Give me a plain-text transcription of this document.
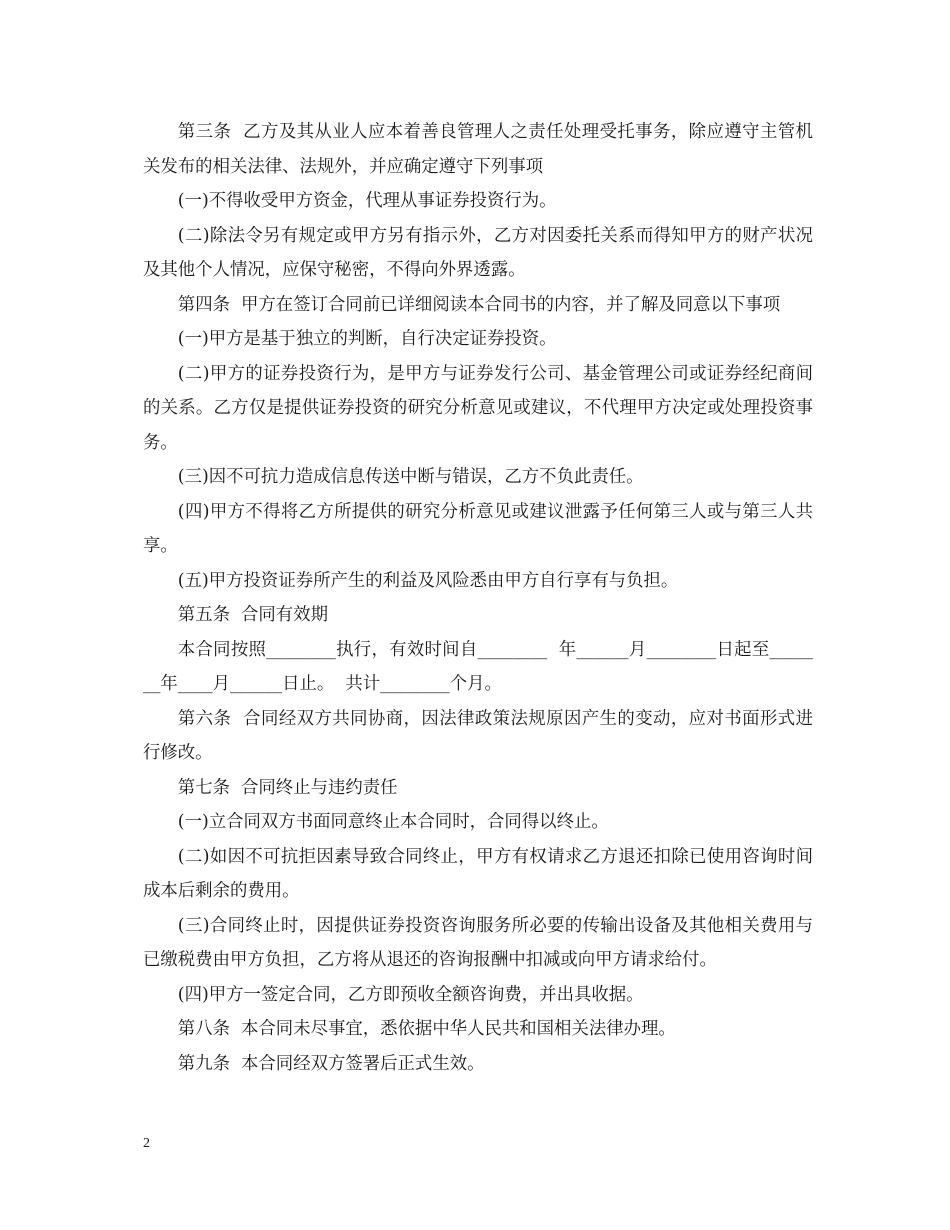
第三条  乙方及其从业人应本着善良管理人之责任处理受托事务，除应遵守主管机关发布的相关法律、法规外，并应确定遵守下列事项

(一)不得收受甲方资金，代理从事证券投资行为。

(二)除法令另有规定或甲方另有指示外，乙方对因委托关系而得知甲方的财产状况及其他个人情况，应保守秘密，不得向外界透露。

第四条  甲方在签订合同前已详细阅读本合同书的内容，并了解及同意以下事项

(一)甲方是基于独立的判断，自行决定证券投资。

(二)甲方的证券投资行为，是甲方与证券发行公司、基金管理公司或证券经纪商间的关系。乙方仅是提供证券投资的研究分析意见或建议，不代理甲方决定或处理投资事务。

(三)因不可抗力造成信息传送中断与错误，乙方不负此责任。

(四)甲方不得将乙方所提供的研究分析意见或建议泄露予任何第三人或与第三人共享。

(五)甲方投资证券所产生的利益及风险悉由甲方自行享有与负担。

第五条  合同有效期

本合同按照________执行，有效时间自________  年______月________日起至_______年____月______日止。  共计________个月。

第六条  合同经双方共同协商，因法律政策法规原因产生的变动，应对书面形式进行修改。

第七条  合同终止与违约责任

(一)立合同双方书面同意终止本合同时，合同得以终止。

(二)如因不可抗拒因素导致合同终止，甲方有权请求乙方退还扣除已使用咨询时间成本后剩余的费用。

(三)合同终止时，因提供证券投资咨询服务所必要的传输出设备及其他相关费用与已缴税费由甲方负担，乙方将从退还的咨询报酬中扣减或向甲方请求给付。

(四)甲方一签定合同，乙方即预收全额咨询费，并出具收据。

第八条  本合同未尽事宜，悉依据中华人民共和国相关法律办理。

第九条  本合同经双方签署后正式生效。

2
